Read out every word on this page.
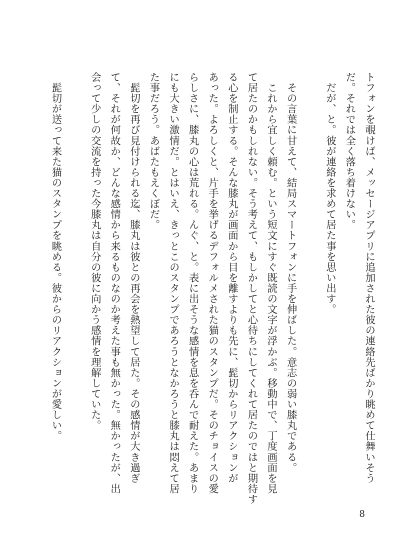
トフォンを覗けば、メッセージアプリに追加された彼の連絡先ばかり眺めて仕舞いそう
だ。それでは全く落ち着けない。
　だが、と。彼が連絡を求めて居た事を思い出す。
　その言葉に甘えて、結局スマートフォンに手を伸ばした。意志の弱い膝丸である。
　これから宜しく頼む。という短文にすぐ既読の文字が浮かぶ。移動中で、丁度画面を見
て居たのかもしれない。そう考えて、もしかしてと心待ちにしてくれて居たのではと期待す
る心を制止する。そんな膝丸が画面から目を離すよりも先に、髭切からリアクションが
あった。よろしくと、片手を挙げるデフォルメされた猫のスタンプだ。そのチョイスの愛
らしさに、膝丸の心は荒れる。んぐ、と。表に出そうな感情を息を呑んで耐えた。あまり
にも大きい激情だ。とはいえ、きっとこのスタンプであろうとなかろうと膝丸は悶えて居
た事だろう。あばたもえくぼだ。
　髭切を再び見付けられる迄、膝丸は彼との再会を熱望して居た。その感情が大き過ぎ
て、それが何故か、どんな感情から来るものなのか考えた事も無かった。無かったが、出
会って少しの交流を持った今膝丸は自分の彼に向かう感情を理解していた。
　髭切が送って来た猫のスタンプを眺める。彼からのリアクションが愛しい。
8
